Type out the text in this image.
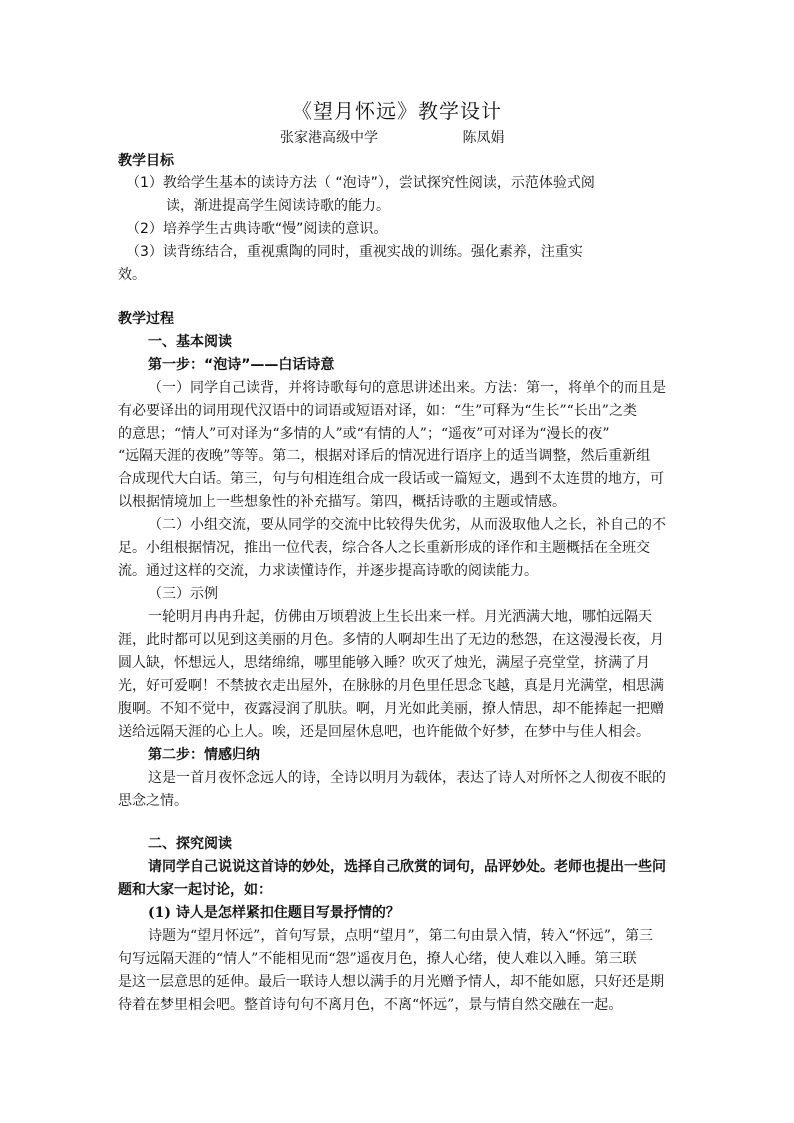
《望月怀远》教学设计
张家港高级中学	陈凤娟
教学目标
（1）教给学生基本的读诗方法（ “泡诗”），尝试探究性阅读，示范体验式阅
读，渐进提高学生阅读诗歌的能力。
（2）培养学生古典诗歌“慢”阅读的意识。
（3）读背练结合，重视熏陶的同时，重视实战的训练。强化素养，注重实
效。
教学过程
一、基本阅读
第一步：“泡诗”——白话诗意
（一）同学自己读背，并将诗歌每句的意思讲述出来。方法：第一，将单个的而且是
有必要译出的词用现代汉语中的词语或短语对译，如：“生”可释为“生长”“长出”之类
的意思；“情人”可对译为“多情的人”或“有情的人”；“遥夜”可对译为“漫长的夜”
“远隔天涯的夜晚”等等。第二，根据对译后的情况进行语序上的适当调整，然后重新组
合成现代大白话。第三，句与句相连组合成一段话或一篇短文，遇到不太连贯的地方，可
以根据情境加上一些想象性的补充描写。第四，概括诗歌的主题或情感。
（二）小组交流，要从同学的交流中比较得失优劣，从而汲取他人之长，补自己的不
足。小组根据情况，推出一位代表，综合各人之长重新形成的译作和主题概括在全班交
流。通过这样的交流，力求读懂诗作，并逐步提高诗歌的阅读能力。
（三）示例
一轮明月冉冉升起，仿佛由万顷碧波上生长出来一样。月光洒满大地，哪怕远隔天
涯，此时都可以见到这美丽的月色。多情的人啊却生出了无边的愁怨，在这漫漫长夜，月
圆人缺，怀想远人，思绪绵绵，哪里能够入睡？吹灭了烛光，满屋子亮堂堂，挤满了月
光，好可爱啊！不禁披衣走出屋外，在脉脉的月色里任思念飞越，真是月光满堂，相思满
腹啊。不知不觉中，夜露浸润了肌肤。啊，月光如此美丽，撩人情思，却不能捧起一把赠
送给远隔天涯的心上人。唉，还是回屋休息吧，也许能做个好梦，在梦中与佳人相会。
第二步：情感归纳
这是一首月夜怀念远人的诗，全诗以明月为载体，表达了诗人对所怀之人彻夜不眠的
思念之情。
二、探究阅读
请同学自己说说这首诗的妙处，选择自己欣赏的词句，品评妙处。老师也提出一些问
题和大家一起讨论，如：
(1) 诗人是怎样紧扣住题目写景抒情的？
诗题为“望月怀远”，首句写景，点明“望月”，第二句由景入情，转入“怀远”，第三
句写远隔天涯的“情人”不能相见而“怨”遥夜月色，撩人心绪，使人难以入睡。第三联
是这一层意思的延伸。最后一联诗人想以满手的月光赠予情人，却不能如愿，只好还是期
待着在梦里相会吧。整首诗句句不离月色，不离“怀远”，景与情自然交融在一起。
